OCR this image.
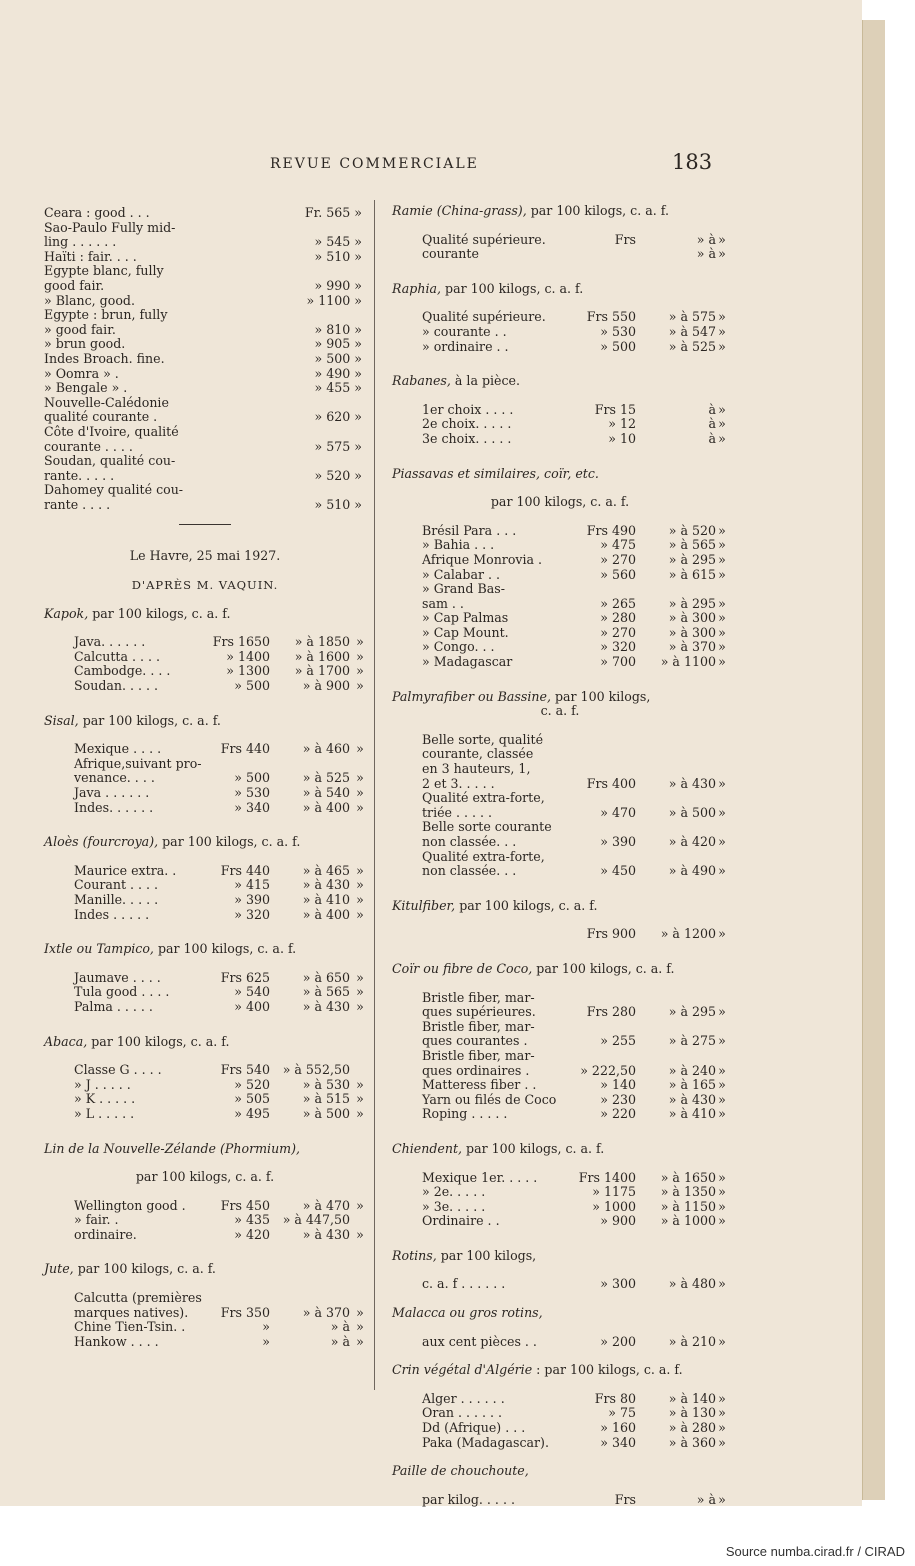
REVUE COMMERCIALE	183
Ceara : good . . .	Fr. 565 »
Sao-Paulo Fully mid-
ling . . . . . .	» 545 »
Haïti : fair. . . .	» 510 »
Egypte blanc, fully
good fair.	» 990 »
» Blanc, good.	» 1100 »
Egypte : brun, fully
» good fair.	» 810 »
» brun good.	» 905 »
Indes Broach. fine.	» 500 »
» Oomra » .	» 490 »
» Bengale » .	» 455 »
Nouvelle-Calédonie
qualité courante .	» 620 »
Côte d'Ivoire, qualité
courante . . . .	» 575 »
Soudan, qualité cou-
rante. . . . .	» 520 »
Dahomey qualité cou-
rante . . . .	» 510 »
Le Havre, 25 mai 1927.
D'APRÈS M. VAQUIN.
Kapok, par 100 kilogs, c. a. f.
Java. . . . . .	Frs 1650	» à 1850 »
Calcutta . . . .	» 1400	» à 1600 »
Cambodge. . . .	» 1300	» à 1700 »
Soudan. . . . .	» 500	» à 900 »
Sisal, par 100 kilogs, c. a. f.
Mexique . . . .	Frs 440	» à 460 »
Afrique,suivant pro-
venance. . . .	» 500	» à 525 »
Java . . . . . .	» 530	» à 540 »
Indes. . . . . .	» 340	» à 400 »
Aloès (fourcroya), par 100 kilogs, c. a. f.
Maurice extra. .	Frs 440	» à 465 »
Courant . . . .	» 415	» à 430 »
Manille. . . . .	» 390	» à 410 »
Indes . . . . .	» 320	» à 400 »
Ixtle ou Tampico, par 100 kilogs, c. a. f.
Jaumave . . . .	Frs 625	» à 650 »
Tula good . . . .	» 540	» à 565 »
Palma . . . . .	» 400	» à 430 »
Abaca, par 100 kilogs, c. a. f.
Classe G . . . .	Frs 540	» à 552,50
» J . . . . .	» 520	» à 530 »
» K . . . . .	» 505	» à 515 »
» L . . . . .	» 495	» à 500 »
Lin de la Nouvelle-Zélande (Phormium),
par 100 kilogs, c. a. f.
Wellington good .	Frs 450	» à 470 »
» fair. .	» 435	» à 447,50
ordinaire.	» 420	» à 430 »
Jute, par 100 kilogs, c. a. f.
Calcutta (premières
marques natives).	Frs 350	» à 370 »
Chine Tien-Tsin. .	»	» à »
Hankow . . . .	»	» à »
Ramie (China-grass), par 100 kilogs, c. a. f.
Qualité supérieure.	Frs	» à »
courante	» à »
Raphia, par 100 kilogs, c. a. f.
Qualité supérieure.	Frs 550	» à 575 »
» courante . .	» 530	» à 547 »
» ordinaire . .	» 500	» à 525 »
Rabanes, à la pièce.
1er choix . . . .	Frs 15	à »
2e choix. . . . .	» 12	à »
3e choix. . . . .	» 10	à »
Piassavas et similaires, coïr, etc.
par 100 kilogs, c. a. f.
Brésil Para . . .	Frs 490	» à 520 »
» Bahia . . .	» 475	» à 565 »
Afrique Monrovia .	» 270	» à 295 »
» Calabar . .	» 560	» à 615 »
» Grand Bas-
sam . .	» 265	» à 295 »
» Cap Palmas	» 280	» à 300 »
» Cap Mount.	» 270	» à 300 »
» Congo. . .	» 320	» à 370 »
» Madagascar	» 700	» à 1100 »
Palmyrafiber ou Bassine, par 100 kilogs,
c. a. f.
Belle sorte, qualité
courante, classée
en 3 hauteurs, 1,
2 et 3. . . . .	Frs 400	» à 430 »
Qualité extra-forte,
triée . . . . .	» 470	» à 500 »
Belle sorte courante
non classée. . .	» 390	» à 420 »
Qualité extra-forte,
non classée. . .	» 450	» à 490 »
Kitulfiber, par 100 kilogs, c. a. f.
Frs 900	» à 1200 »
Coïr ou fibre de Coco, par 100 kilogs, c. a. f.
Bristle fiber, mar-
ques supérieures.	Frs 280	» à 295 »
Bristle fiber, mar-
ques courantes .	» 255	» à 275 »
Bristle fiber, mar-
ques ordinaires .	» 222,50	» à 240 »
Matteress fiber . .	» 140	» à 165 »
Yarn ou filés de Coco	» 230	» à 430 »
Roping . . . . .	» 220	» à 410 »
Chiendent, par 100 kilogs, c. a. f.
Mexique 1er. . . . .	Frs 1400	» à 1650 »
» 2e. . . . .	» 1175	» à 1350 »
» 3e. . . . .	» 1000	» à 1150 »
Ordinaire . .	» 900	» à 1000 »
Rotins, par 100 kilogs,
c. a. f . . . . . .	» 300	» à 480 »
Malacca ou gros rotins,
aux cent pièces . .	» 200	» à 210 »
Crin végétal d'Algérie : par 100 kilogs, c. a. f.
Alger . . . . . .	Frs 80	» à 140 »
Oran . . . . . .	» 75	» à 130 »
Dd (Afrique) . . .	» 160	» à 280 »
Paka (Madagascar).	» 340	» à 360 »
Paille de chouchoute,
par kilog. . . . .	Frs	» à »
Source numba.cirad.fr / CIRAD
